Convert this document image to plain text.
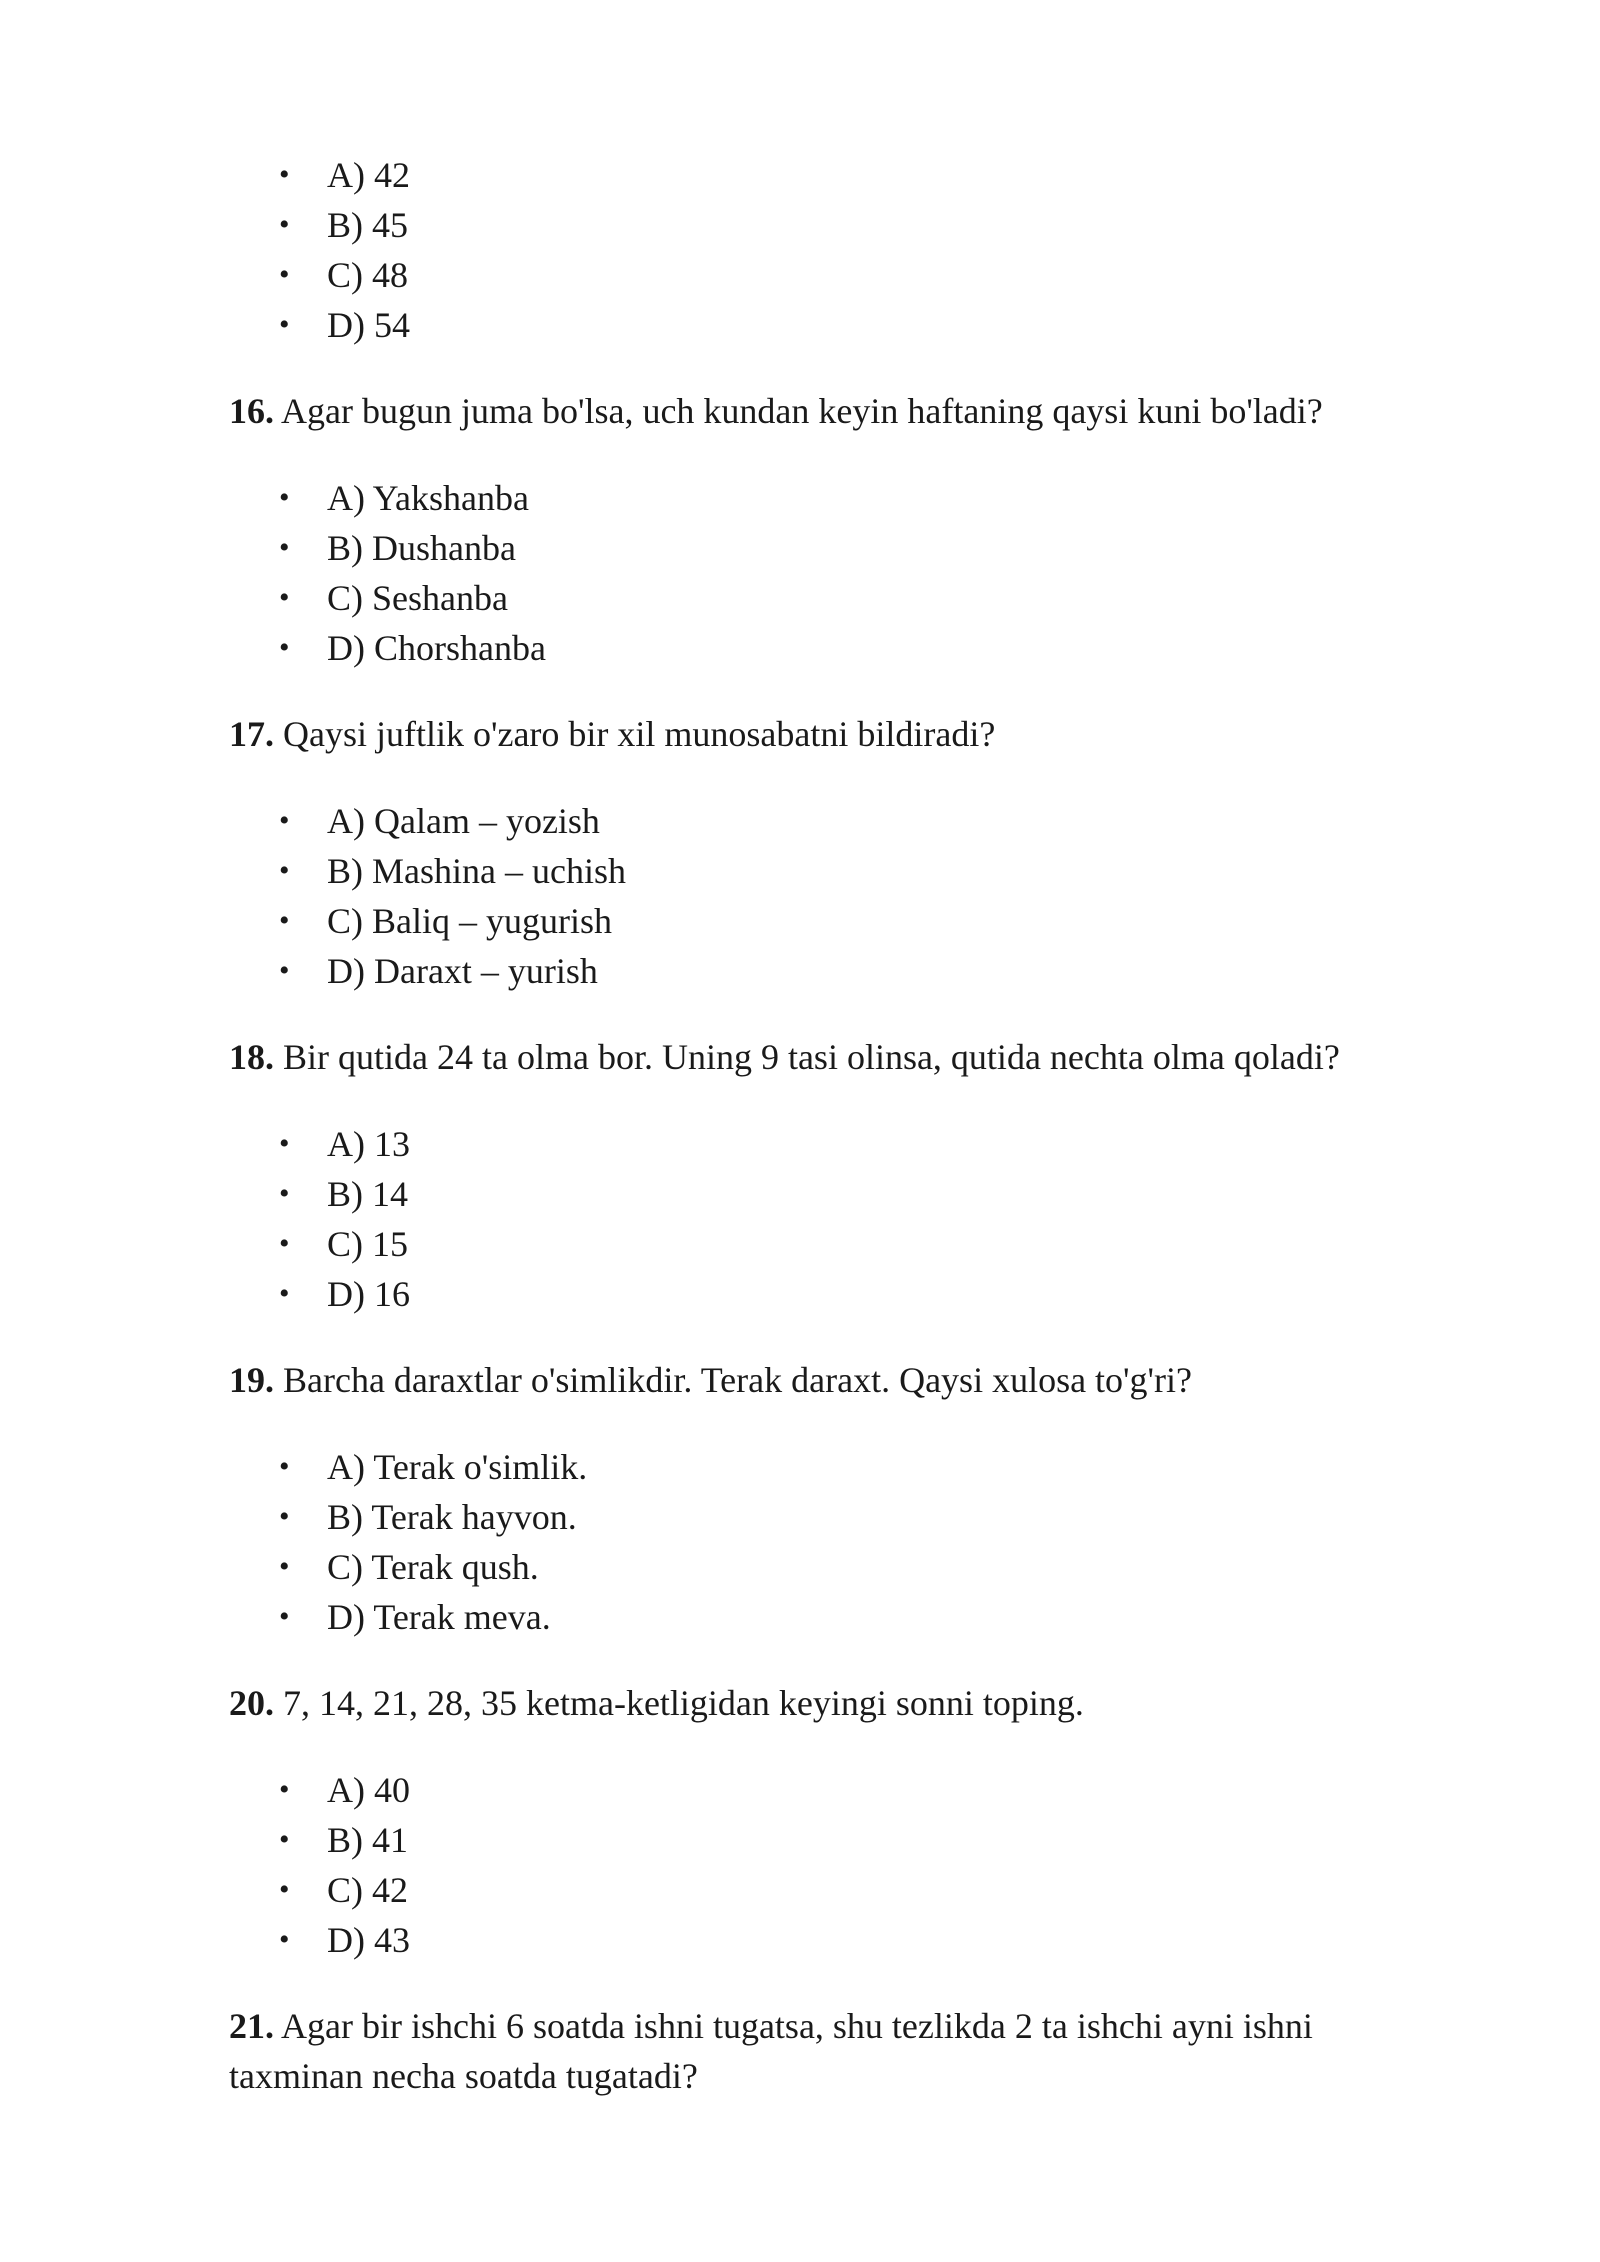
• A) 42
• B) 45
• C) 48
• D) 54

16. Agar bugun juma bo'lsa, uch kundan keyin haftaning qaysi kuni bo'ladi?

• A) Yakshanba
• B) Dushanba
• C) Seshanba
• D) Chorshanba

17. Qaysi juftlik o'zaro bir xil munosabatni bildiradi?

• A) Qalam – yozish
• B) Mashina – uchish
• C) Baliq – yugurish
• D) Daraxt – yurish

18. Bir qutida 24 ta olma bor. Uning 9 tasi olinsa, qutida nechta olma qoladi?

• A) 13
• B) 14
• C) 15
• D) 16

19. Barcha daraxtlar o'simlikdir. Terak daraxt. Qaysi xulosa to'g'ri?

• A) Terak o'simlik.
• B) Terak hayvon.
• C) Terak qush.
• D) Terak meva.

20. 7, 14, 21, 28, 35 ketma-ketligidan keyingi sonni toping.

• A) 40
• B) 41
• C) 42
• D) 43

21. Agar bir ishchi 6 soatda ishni tugatsa, shu tezlikda 2 ta ishchi ayni ishni taxminan necha soatda tugatadi?
